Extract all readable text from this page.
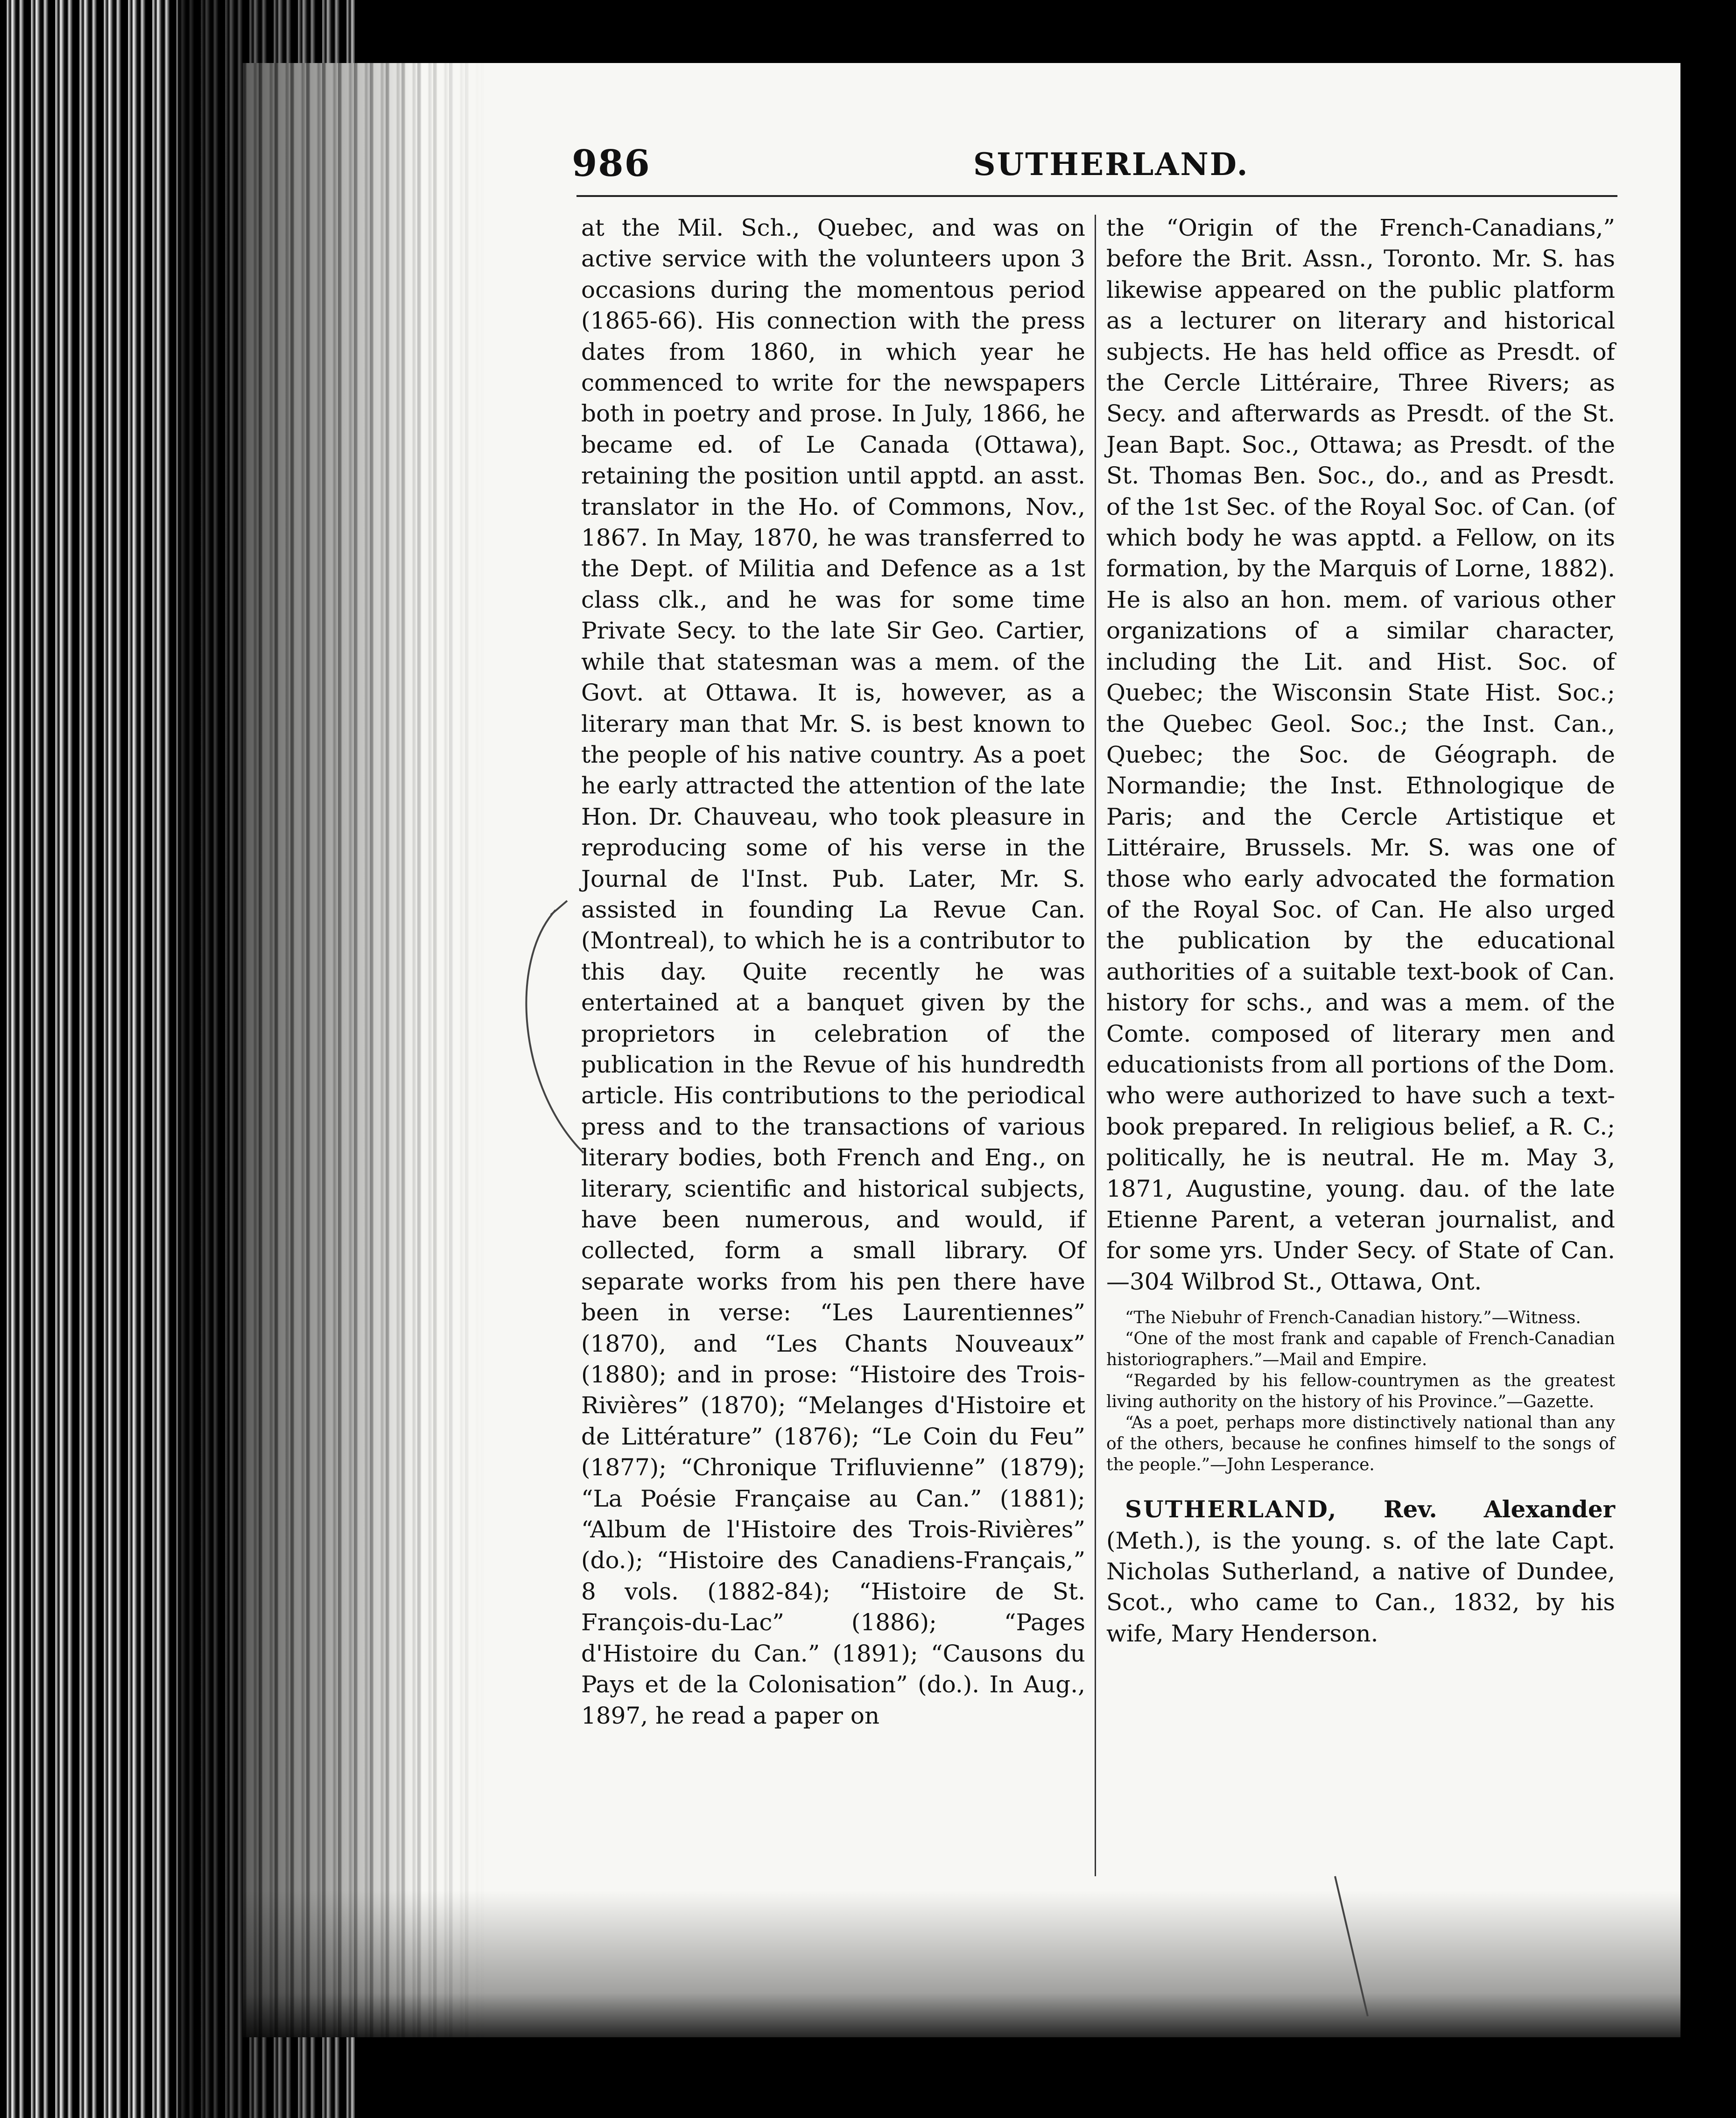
986	SUTHERLAND.

at the Mil. Sch., Quebec, and was on active service with the volunteers upon 3 occasions during the momentous period (1865-66). His connection with the press dates from 1860, in which year he commenced to write for the newspapers both in poetry and prose. In July, 1866, he became ed. of Le Canada (Ottawa), retaining the position until apptd. an asst. translator in the Ho. of Commons, Nov., 1867. In May, 1870, he was transferred to the Dept. of Militia and Defence as a 1st class clk., and he was for some time Private Secy. to the late Sir Geo. Cartier, while that statesman was a mem. of the Govt. at Ottawa. It is, however, as a literary man that Mr. S. is best known to the people of his native country. As a poet he early attracted the attention of the late Hon. Dr. Chauveau, who took pleasure in reproducing some of his verse in the Journal de l'Inst. Pub. Later, Mr. S. assisted in founding La Revue Can. (Montreal), to which he is a contributor to this day. Quite recently he was entertained at a banquet given by the proprietors in celebration of the publication in the Revue of his hundredth article. His contributions to the periodical press and to the transactions of various literary bodies, both French and Eng., on literary, scientific and historical subjects, have been numerous, and would, if collected, form a small library. Of separate works from his pen there have been in verse: “Les Laurentiennes” (1870), and “Les Chants Nouveaux” (1880); and in prose: “Histoire des Trois-Rivières” (1870); “Melanges d'Histoire et de Littérature” (1876); “Le Coin du Feu” (1877); “Chronique Trifluvienne” (1879); “La Poésie Française au Can.” (1881); “Album de l'Histoire des Trois-Rivières” (do.); “Histoire des Canadiens-Français,” 8 vols. (1882-84); “Histoire de St. François-du-Lac” (1886); “Pages d'Histoire du Can.” (1891); “Causons du Pays et de la Colonisation” (do.). In Aug., 1897, he read a paper on

the “Origin of the French-Canadians,” before the Brit. Assn., Toronto. Mr. S. has likewise appeared on the public platform as a lecturer on literary and historical subjects. He has held office as Presdt. of the Cercle Littéraire, Three Rivers; as Secy. and afterwards as Presdt. of the St. Jean Bapt. Soc., Ottawa; as Presdt. of the St. Thomas Ben. Soc., do., and as Presdt. of the 1st Sec. of the Royal Soc. of Can. (of which body he was apptd. a Fellow, on its formation, by the Marquis of Lorne, 1882). He is also an hon. mem. of various other organizations of a similar character, including the Lit. and Hist. Soc. of Quebec; the Wisconsin State Hist. Soc.; the Quebec Geol. Soc.; the Inst. Can., Quebec; the Soc. de Géograph. de Normandie; the Inst. Ethnologique de Paris; and the Cercle Artistique et Littéraire, Brussels. Mr. S. was one of those who early advocated the formation of the Royal Soc. of Can. He also urged the publication by the educational authorities of a suitable text-book of Can. history for schs., and was a mem. of the Comte. composed of literary men and educationists from all portions of the Dom. who were authorized to have such a text-book prepared. In religious belief, a R. C.; politically, he is neutral. He m. May 3, 1871, Augustine, young. dau. of the late Etienne Parent, a veteran journalist, and for some yrs. Under Secy. of State of Can.—304 Wilbrod St., Ottawa, Ont.

“The Niebuhr of French-Canadian history.”—Witness.
“One of the most frank and capable of French-Canadian historiographers.”—Mail and Empire.
“Regarded by his fellow-countrymen as the greatest living authority on the history of his Province.”—Gazette.
“As a poet, perhaps more distinctively national than any of the others, because he confines himself to the songs of the people.”—John Lesperance.

SUTHERLAND, Rev. Alexander (Meth.), is the young. s. of the late Capt. Nicholas Sutherland, a native of Dundee, Scot., who came to Can., 1832, by his wife, Mary Henderson.
